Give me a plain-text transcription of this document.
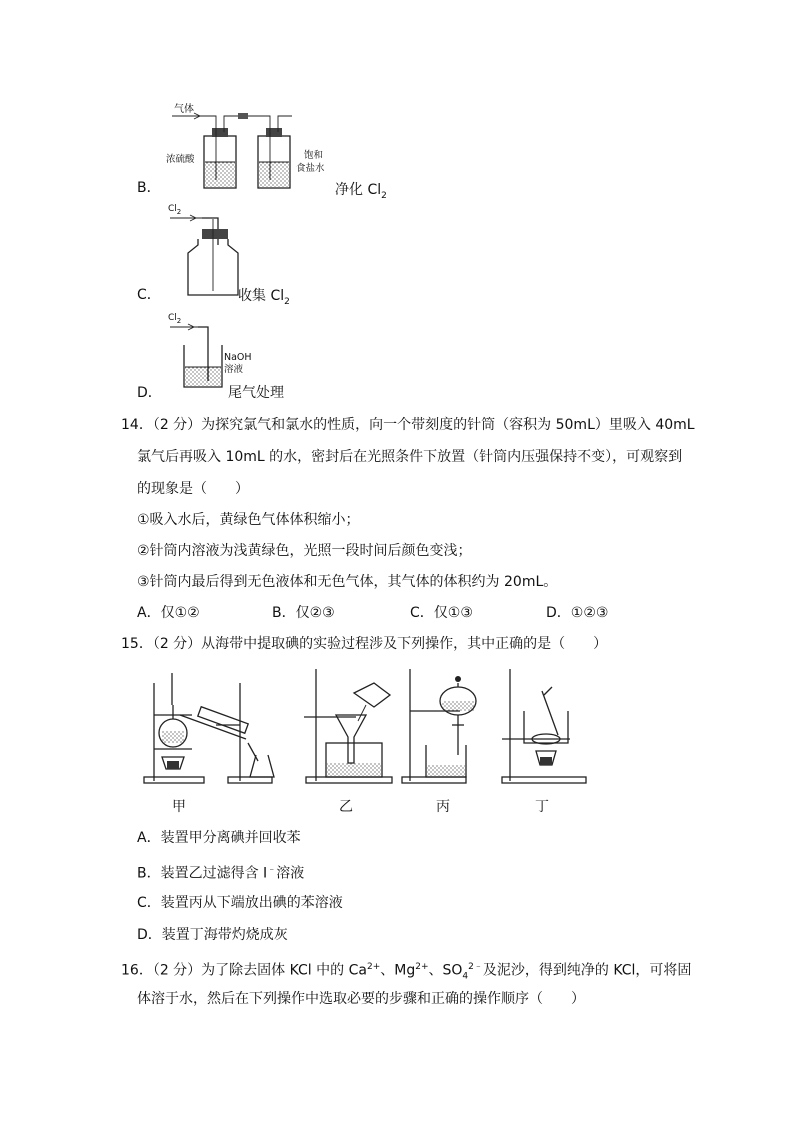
B．
气体
浓硫酸	饱和
食盐水
净化 $Cl_2$
C．
$Cl_2$
收集 $Cl_2$
D．
$Cl_2$
NaOH
溶液
尾气处理
14．（2 分）为探究氯气和氯水的性质，向一个带刻度的针筒（容积为 50mL）里吸入 40mL
氯气后再吸入 10mL 的水，密封后在光照条件下放置（针筒内压强保持不变），可观察到
的现象是（　　）
①吸入水后，黄绿色气体体积缩小；
②针筒内溶液为浅黄绿色，光照一段时间后颜色变浅；
③针筒内最后得到无色液体和无色气体，其气体的体积约为 20mL。
A．仅①②	B．仅②③	C．仅①③	D．①②③
15．（2 分）从海带中提取碘的实验过程涉及下列操作，其中正确的是（　　）
甲	乙	丙	丁
A．装置甲分离碘并回收苯
B．装置乙过滤得含 I﹣溶液
C．装置丙从下端放出碘的苯溶液
D．装置丁海带灼烧成灰
16．（2 分）为了除去固体 KCl 中的 $Ca^{2+}$、$Mg^{2+}$、$SO_4^{2﹣}$及泥沙，得到纯净的 KCl，可将固
体溶于水，然后在下列操作中选取必要的步骤和正确的操作顺序（　　）
